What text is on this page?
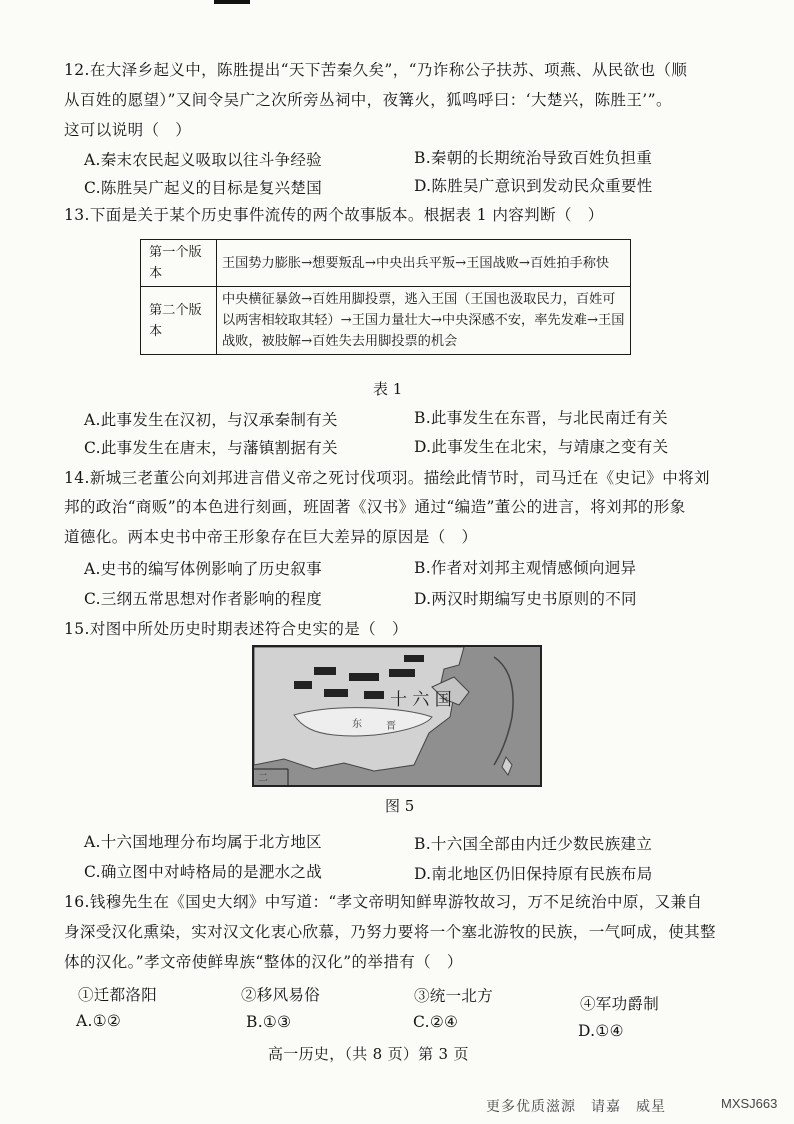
12.在大泽乡起义中，陈胜提出“天下苦秦久矣”，“乃诈称公子扶苏、项燕、从民欲也（顺
从百姓的愿望）”又间令吴广之次所旁丛祠中，夜篝火，狐鸣呼曰：‘大楚兴，陈胜王’”。
这可以说明（　）
A.秦末农民起义吸取以往斗争经验	B.秦朝的长期统治导致百姓负担重
C.陈胜吴广起义的目标是复兴楚国	D.陈胜吴广意识到发动民众重要性
13.下面是关于某个历史事件流传的两个故事版本。根据表 1 内容判断（　）
第一个版本	王国势力膨胀→想要叛乱→中央出兵平叛→王国战败→百姓拍手称快
第二个版本	中央横征暴敛→百姓用脚投票，逃入王国（王国也汲取民力，百姓可以两害相较取其轻）→王国力量壮大→中央深感不安，率先发难→王国战败，被肢解→百姓失去用脚投票的机会
表 1
A.此事发生在汉初，与汉承秦制有关	B.此事发生在东晋，与北民南迁有关
C.此事发生在唐末，与藩镇割据有关	D.此事发生在北宋，与靖康之变有关
14.新城三老董公向刘邦进言借义帝之死讨伐项羽。描绘此情节时，司马迁在《史记》中将刘
邦的政治“商贩”的本色进行刻画，班固著《汉书》通过“编造”董公的进言，将刘邦的形象
道德化。两本史书中帝王形象存在巨大差异的原因是（　）
A.史书的编写体例影响了历史叙事	B.作者对刘邦主观情感倾向迥异
C.三纲五常思想对作者影响的程度	D.两汉时期编写史书原则的不同
15.对图中所处历史时期表述符合史实的是（　）
十 六 国
东 晋
二
图 5
A.十六国地理分布均属于北方地区	B.十六国全部由内迁少数民族建立
C.确立图中对峙格局的是淝水之战	D.南北地区仍旧保持原有民族布局
16.钱穆先生在《国史大纲》中写道：“孝文帝明知鲜卑游牧故习，万不足统治中原，又兼自
身深受汉化熏染，实对汉文化衷心欣慕，乃努力要将一个塞北游牧的民族，一气呵成，使其整
体的汉化。”孝文帝使鲜卑族“整体的汉化”的举措有（　）
①迁都洛阳	②移风易俗	③统一北方	④军功爵制
A.①②	B.①③	C.②④	D.①④
高一历史，（共 8 页）第 3 页
更多优质滋源　请嘉　威星	MXSJ663
